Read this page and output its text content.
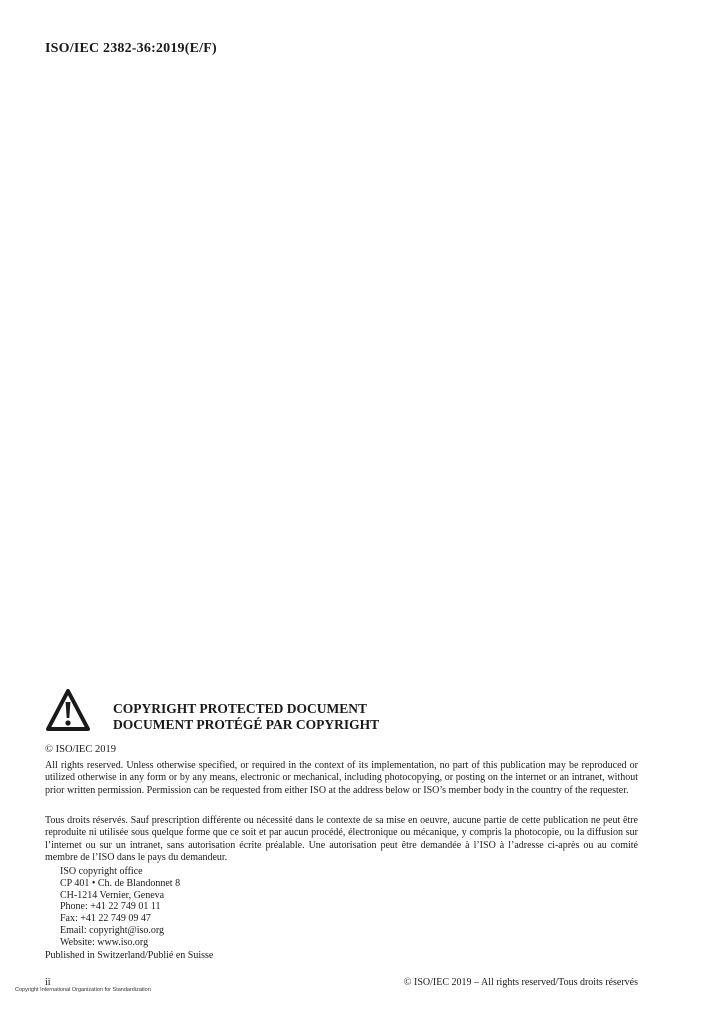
ISO/IEC 2382-36:2019(E/F)
COPYRIGHT PROTECTED DOCUMENT
DOCUMENT PROTÉGÉ PAR COPYRIGHT
© ISO/IEC 2019
All rights reserved. Unless otherwise specified, or required in the context of its implementation, no part of this publication may be reproduced or utilized otherwise in any form or by any means, electronic or mechanical, including photocopying, or posting on the internet or an intranet, without prior written permission. Permission can be requested from either ISO at the address below or ISO’s member body in the country of the requester.
Tous droits réservés. Sauf prescription différente ou nécessité dans le contexte de sa mise en oeuvre, aucune partie de cette publication ne peut être reproduite ni utilisée sous quelque forme que ce soit et par aucun procédé, électronique ou mécanique, y compris la photocopie, ou la diffusion sur l’internet ou sur un intranet, sans autorisation écrite préalable. Une autorisation peut être demandée à l’ISO à l’adresse ci-après ou au comité membre de l’ISO dans le pays du demandeur.
ISO copyright office
CP 401 • Ch. de Blandonnet 8
CH-1214 Vernier, Geneva
Phone: +41 22 749 01 11
Fax: +41 22 749 09 47
Email: copyright@iso.org
Website: www.iso.org
Published in Switzerland/Publié en Suisse
ii	© ISO/IEC 2019 – All rights reserved/Tous droits réservés
Copyright International Organization for Standardization
